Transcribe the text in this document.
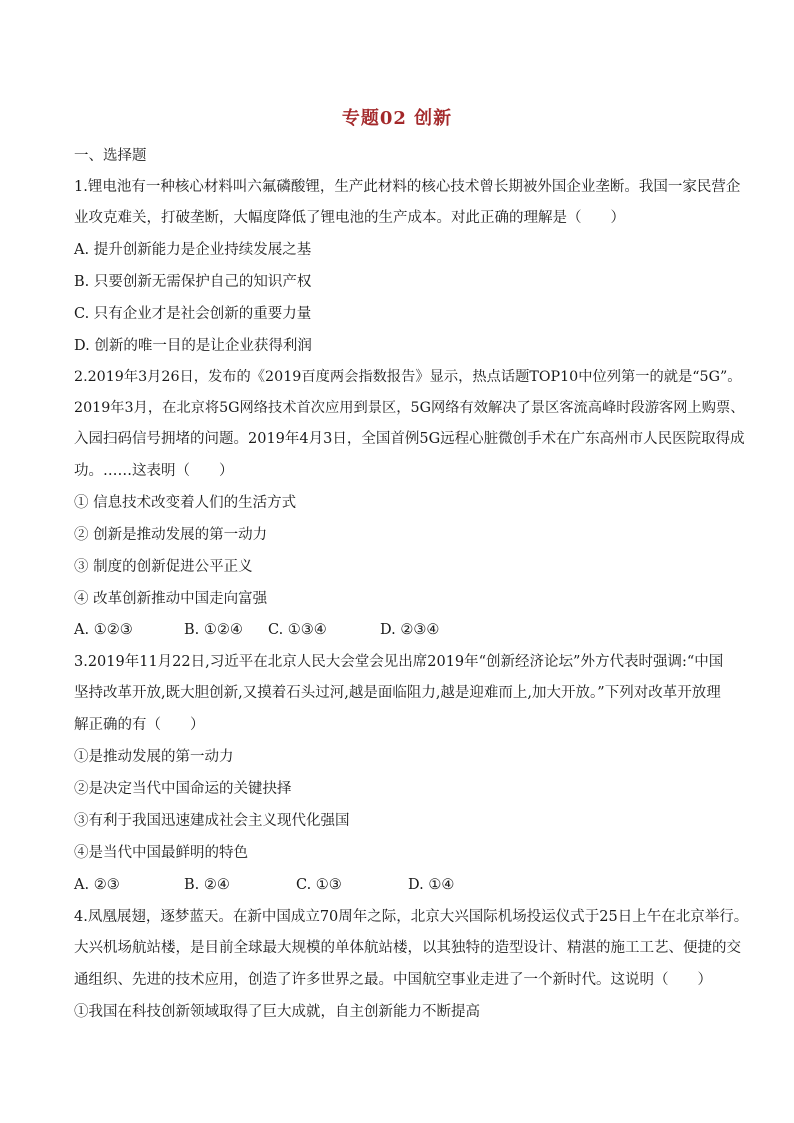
专题02 创新
一、选择题
1.锂电池有一种核心材料叫六氟磷酸锂，生产此材料的核心技术曾长期被外国企业垄断。我国一家民营企
业攻克难关，打破垄断，大幅度降低了锂电池的生产成本。对此正确的理解是（　　）
A. 提升创新能力是企业持续发展之基
B. 只要创新无需保护自己的知识产权
C. 只有企业才是社会创新的重要力量
D. 创新的唯一目的是让企业获得利润
2.2019年3月26日，发布的《2019百度两会指数报告》显示，热点话题TOP10中位列第一的就是“5G”。
2019年3月，在北京将5G网络技术首次应用到景区，5G网络有效解决了景区客流高峰时段游客网上购票、
入园扫码信号拥堵的问题。2019年4月3日，全国首例5G远程心脏微创手术在广东高州市人民医院取得成
功。……这表明（　　）
① 信息技术改变着人们的生活方式
② 创新是推动发展的第一动力
③ 制度的创新促进公平正义
④ 改革创新推动中国走向富强
A. ①②③	B. ①②④ C. ①③④	D. ②③④
3.2019年11月22日,习近平在北京人民大会堂会见出席2019年“创新经济论坛”外方代表时强调:“中国
坚持改革开放,既大胆创新,又摸着石头过河,越是面临阻力,越是迎难而上,加大开放。”下列对改革开放理
解正确的有（　　）
①是推动发展的第一动力
②是决定当代中国命运的关键抉择
③有利于我国迅速建成社会主义现代化强国
④是当代中国最鲜明的特色
A. ②③	B. ②④	C. ①③	D. ①④
4.凤凰展翅，逐梦蓝天。在新中国成立70周年之际，北京大兴国际机场投运仪式于25日上午在北京举行。
大兴机场航站楼，是目前全球最大规模的单体航站楼，以其独特的造型设计、精湛的施工工艺、便捷的交
通组织、先进的技术应用，创造了许多世界之最。中国航空事业走进了一个新时代。这说明（　　）
①我国在科技创新领域取得了巨大成就，自主创新能力不断提高
